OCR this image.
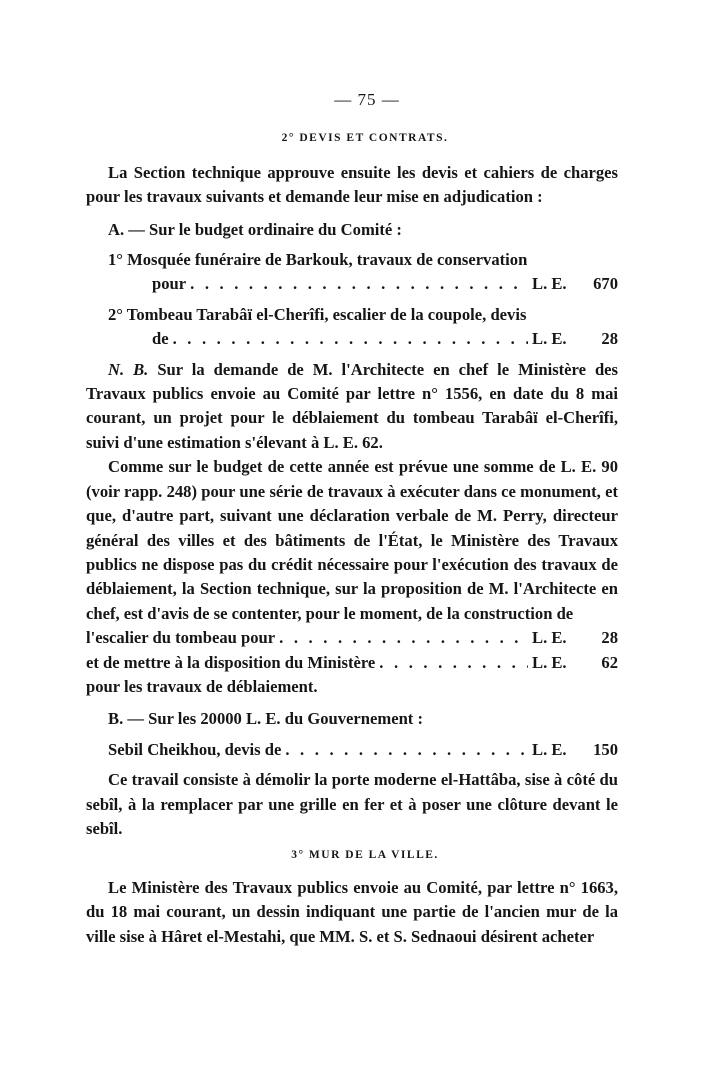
— 75 —
2° DEVIS ET CONTRATS.

La Section technique approuve ensuite les devis et cahiers de charges pour les travaux suivants et demande leur mise en adjudication :

A. — Sur le budget ordinaire du Comité :

1° Mosquée funéraire de Barkouk, travaux de conservation
pour . . .	L. E.	670
2° Tombeau Tarabâï el-Cherîfi, escalier de la coupole, devis
de . . .	L. E.	28

N. B. Sur la demande de M. l'Architecte en chef le Ministère des Travaux publics envoie au Comité par lettre n° 1556, en date du 8 mai courant, un projet pour le déblaiement du tombeau Tarabâï el-Cherîfi, suivi d'une estimation s'élevant à L. E. 62.

Comme sur le budget de cette année est prévue une somme de L. E. 90 (voir rapp. 248) pour une série de travaux à exécuter dans ce monument, et que, d'autre part, suivant une déclaration verbale de M. Perry, directeur général des villes et des bâtiments de l'État, le Ministère des Travaux publics ne dispose pas du crédit nécessaire pour l'exécution des travaux de déblaiement, la Section technique, sur la proposition de M. l'Architecte en chef, est d'avis de se contenter, pour le moment, de la construction de

l'escalier du tombeau pour . . .	L. E.	28
et de mettre à la disposition du Ministère . . .	L. E.	62
pour les travaux de déblaiement.

B. — Sur les 20000 L. E. du Gouvernement :

Sebil Cheikhou, devis de . . .	L. E.	150

Ce travail consiste à démolir la porte moderne el-Hattâba, sise à côté du sebîl, à la remplacer par une grille en fer et à poser une clôture devant le sebîl.

3° MUR DE LA VILLE.

Le Ministère des Travaux publics envoie au Comité, par lettre n° 1663, du 18 mai courant, un dessin indiquant une partie de l'ancien mur de la ville sise à Hâret el-Mestahi, que MM. S. et S. Sednaoui désirent acheter
